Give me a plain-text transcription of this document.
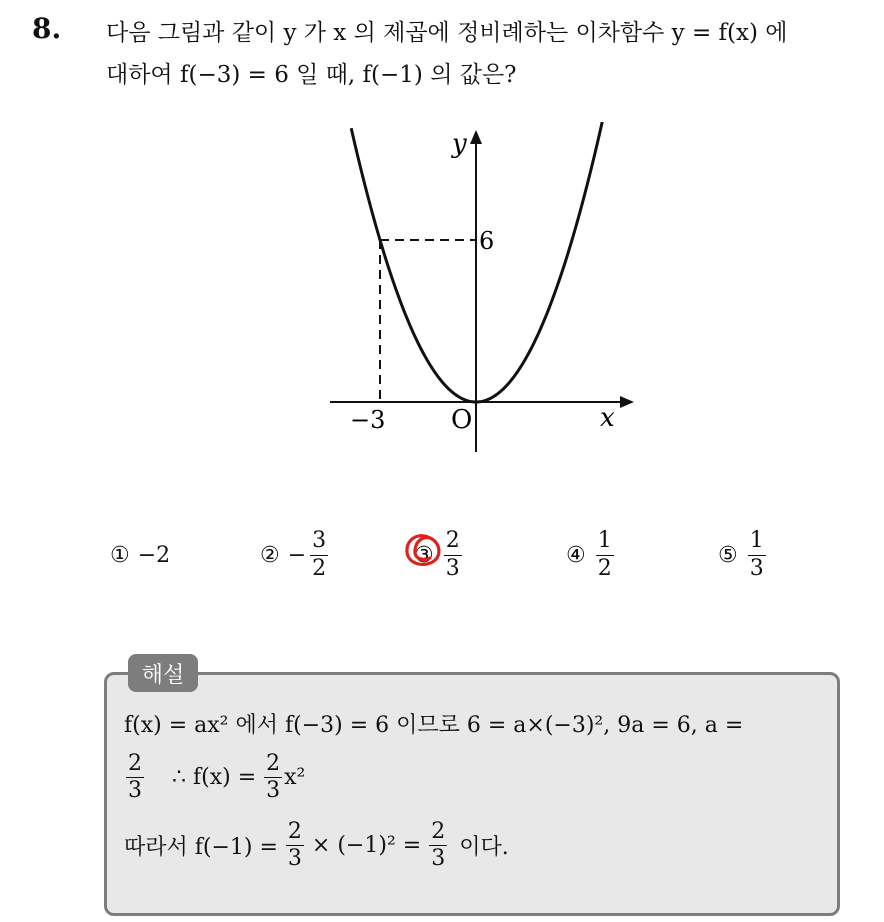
8. 다음 그림과 같이 y 가 x 의 제곱에 정비례하는 이차함수 y = f(x) 에
대하여 f(−3) = 6 일 때, f(−1) 의 값은?
y
x
O
−3
6
① −2	② − $\frac{3}{2}$	③ $\frac{2}{3}$	④ $\frac{1}{2}$	⑤ $\frac{1}{3}$
해설
f(x) = ax² 에서 f(−3) = 6 이므로 6 = a×(−3)², 9a = 6, a =
$\frac{2}{3}$ ∴ $f(x) = \frac{2}{3} x^2$
따라서 $f(-1) = \frac{2}{3} \times (-1)^2 = \frac{2}{3}$ 이다.
